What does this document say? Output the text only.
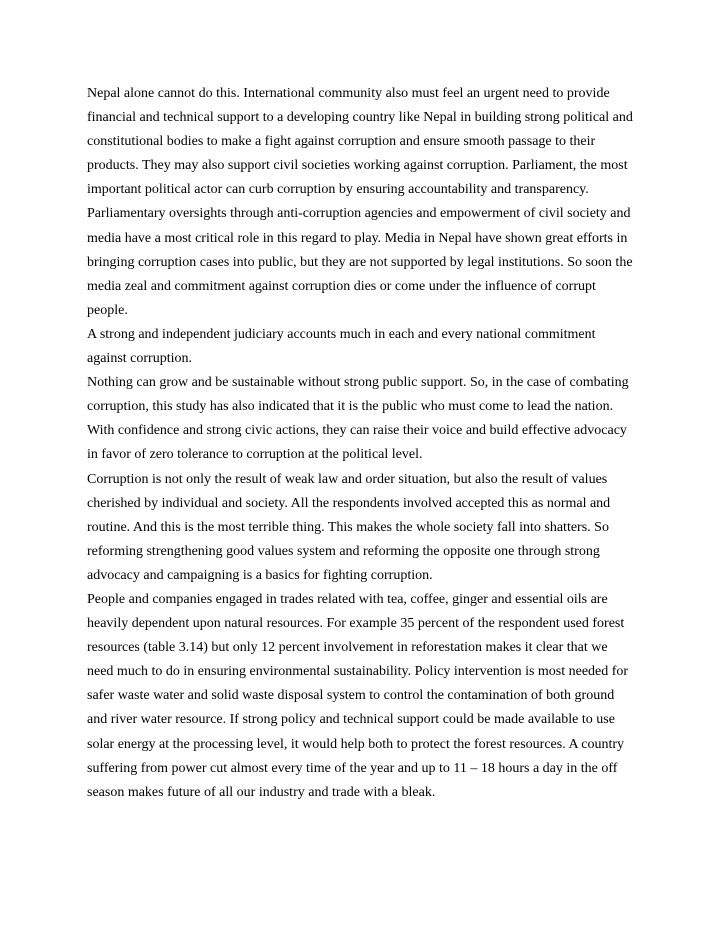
Nepal alone cannot do this. International community also must feel an urgent need to provide
financial and technical support to a developing country like Nepal in building strong political and
constitutional bodies to make a fight against corruption and ensure smooth passage to their
products. They may also support civil societies working against corruption. Parliament, the most
important political actor can curb corruption by ensuring accountability and transparency.
Parliamentary oversights through anti-corruption agencies and empowerment of civil society and
media have a most critical role in this regard to play. Media in Nepal have shown great efforts in
bringing corruption cases into public, but they are not supported by legal institutions. So soon the
media zeal and commitment against corruption dies or come under the influence of corrupt
people.

A strong and independent judiciary accounts much in each and every national commitment
against corruption.

Nothing can grow and be sustainable without strong public support. So, in the case of combating
corruption, this study has also indicated that it is the public who must come to lead the nation.
With confidence and strong civic actions, they can raise their voice and build effective advocacy
in favor of zero tolerance to corruption at the political level.

Corruption is not only the result of weak law and order situation, but also the result of values
cherished by individual and society. All the respondents involved accepted this as normal and
routine. And this is the most terrible thing. This makes the whole society fall into shatters. So
reforming strengthening good values system and reforming the opposite one through strong
advocacy and campaigning is a basics for fighting corruption.

People and companies engaged in trades related with tea, coffee, ginger and essential oils are
heavily dependent upon natural resources. For example 35 percent of the respondent used forest
resources (table 3.14) but only 12 percent involvement in reforestation makes it clear that we
need much to do in ensuring environmental sustainability. Policy intervention is most needed for
safer waste water and solid waste disposal system to control the contamination of both ground
and river water resource. If strong policy and technical support could be made available to use
solar energy at the processing level, it would help both to protect the forest resources. A country
suffering from power cut almost every time of the year and up to 11 – 18 hours a day in the off
season makes future of all our industry and trade with a bleak.
